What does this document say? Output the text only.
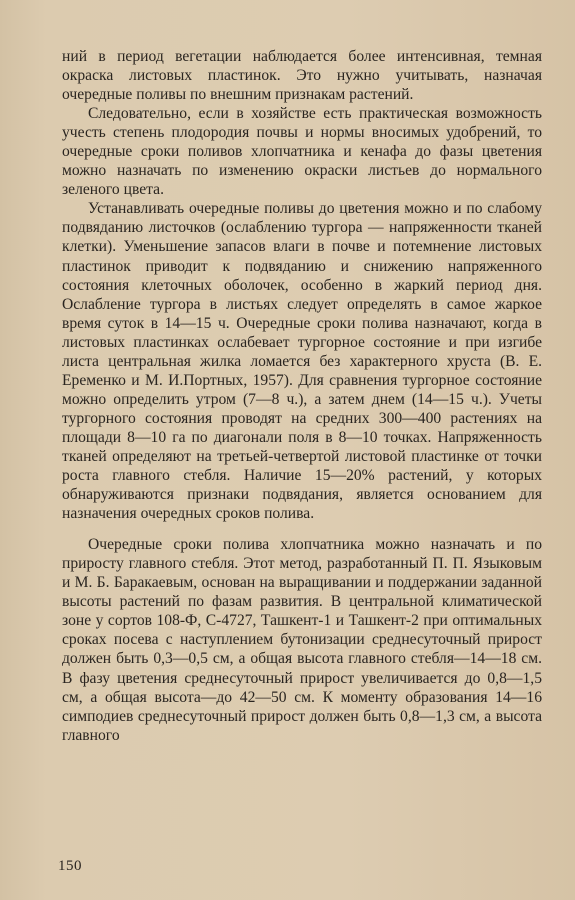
ний в период вегетации наблюдается более интенсивная, темная окраска листовых пластинок. Это нужно учитывать, назначая очередные поливы по внешним признакам растений.

Следовательно, если в хозяйстве есть практическая возможность учесть степень плодородия почвы и нормы вносимых удобрений, то очередные сроки поливов хлопчатника и кенафа до фазы цветения можно назначать по изменению окраски листьев до нормального зеленого цвета.

Устанавливать очередные поливы до цветения можно и по слабому подвяданию листочков (ослаблению тургора — напряженности тканей клетки). Уменьшение запасов влаги в почве и потемнение листовых пластинок приводит к подвяданию и снижению напряженного состояния клеточных оболочек, особенно в жаркий период дня. Ослабление тургора в листьях следует определять в самое жаркое время суток в 14—15 ч. Очередные сроки полива назначают, когда в листовых пластинках ослабевает тургорное состояние и при изгибе листа центральная жилка ломается без характерного хруста (В. Е. Еременко и М. И.Портных, 1957). Для сравнения тургорное состояние можно определить утром (7—8 ч.), а затем днем (14—15 ч.). Учеты тургорного состояния проводят на средних 300—400 растениях на площади 8—10 га по диагонали поля в 8—10 точках. Напряженность тканей определяют на третьей-четвертой листовой пластинке от точки роста главного стебля. Наличие 15—20% растений, у которых обнаруживаются признаки подвядания, является основанием для назначения очередных сроков полива.

Очередные сроки полива хлопчатника можно назначать и по приросту главного стебля. Этот метод, разработанный П. П. Языковым и М. Б. Баракаевым, основан на выращивании и поддержании заданной высоты растений по фазам развития. В центральной климатической зоне у сортов 108-Ф, С-4727, Ташкент-1 и Ташкент-2 при оптимальных сроках посева с наступлением бутонизации среднесуточный прирост должен быть 0,3—0,5 см, а общая высота главного стебля—14—18 см. В фазу цветения среднесуточный прирост увеличивается до 0,8—1,5 см, а общая высота—до 42—50 см. К моменту образования 14—16 симподиев среднесуточный прирост должен быть 0,8—1,3 см, а высота главного

150
